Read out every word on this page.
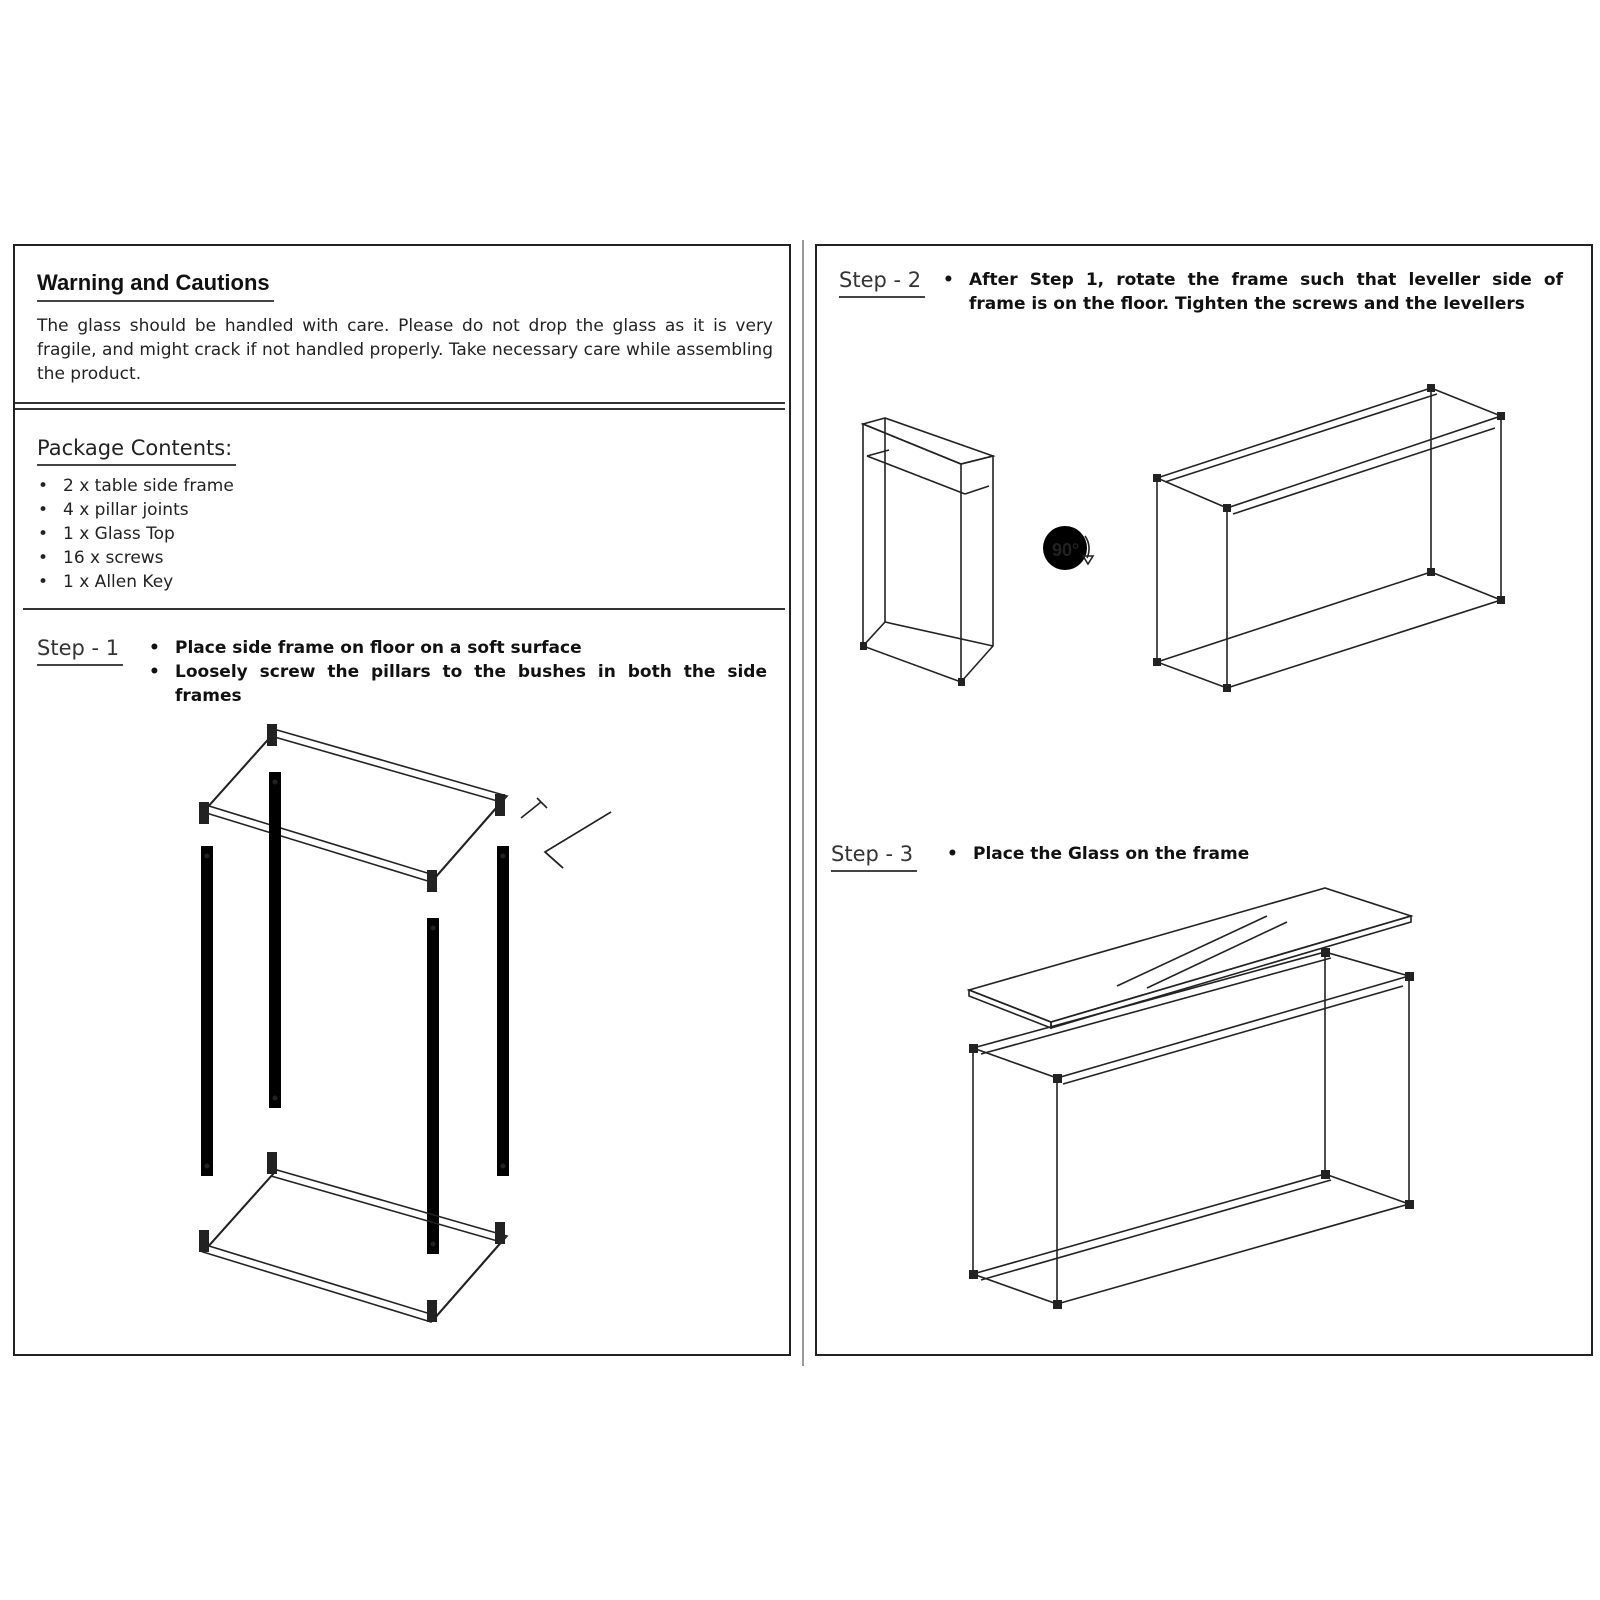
Warning and Cautions
The glass should be handled with care. Please do not drop the glass as it is very fragile, and might crack if not handled properly. Take necessary care while assembling the product.
Package Contents:
• 2 x table side frame
• 4 x pillar joints
• 1 x Glass Top
• 16 x screws
• 1 x Allen Key
Step - 1	• Place side frame on floor on a soft surface
• Loosely screw the pillars to the bushes in both the side frames
Step - 2	• After Step 1, rotate the frame such that leveller side of frame is on the floor. Tighten the screws and the levellers
90°
Step - 3	• Place the Glass on the frame
